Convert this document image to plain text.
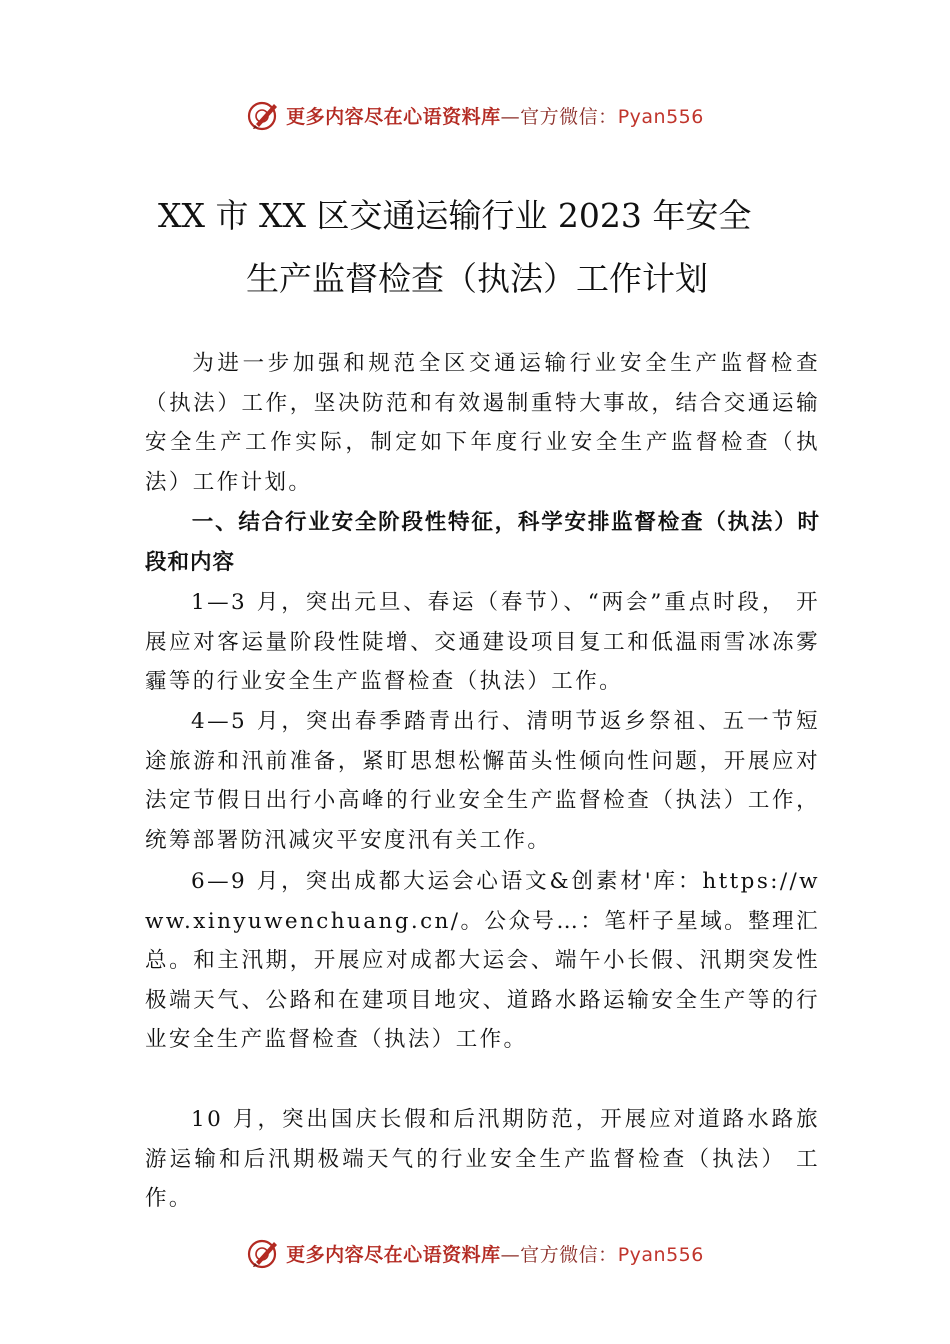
更多内容尽在心语资料库—官方微信：Pyan556
XX 市 XX 区交通运输行业 2023 年安全
生产监督检查（执法）工作计划
为进一步加强和规范全区交通运输行业安全生产监督检查（执法）工作，坚决防范和有效遏制重特大事故，结合交通运输安全生产工作实际，制定如下年度行业安全生产监督检查（执法）工作计划。
一、结合行业安全阶段性特征，科学安排监督检查（执法）时段和内容
1—3 月，突出元旦、春运（春节）、“两会”重点时段， 开展应对客运量阶段性陡增、交通建设项目复工和低温雨雪冰冻雾霾等的行业安全生产监督检查（执法）工作。
4—5 月，突出春季踏青出行、清明节返乡祭祖、五一节短途旅游和汛前准备，紧盯思想松懈苗头性倾向性问题，开展应对法定节假日出行小高峰的行业安全生产监督检查（执法）工作，统筹部署防汛减灾平安度汛有关工作。
6—9 月，突出成都大运会心语文&创素材'库：https://www.xinyuwenchuang.cn/。公众号…：笔杆子星域。整理汇总。和主汛期，开展应对成都大运会、端午小长假、汛期突发性极端天气、公路和在建项目地灾、道路水路运输安全生产等的行业安全生产监督检查（执法）工作。
10 月，突出国庆长假和后汛期防范，开展应对道路水路旅游运输和后汛期极端天气的行业安全生产监督检查（执法） 工作。
更多内容尽在心语资料库—官方微信：Pyan556
